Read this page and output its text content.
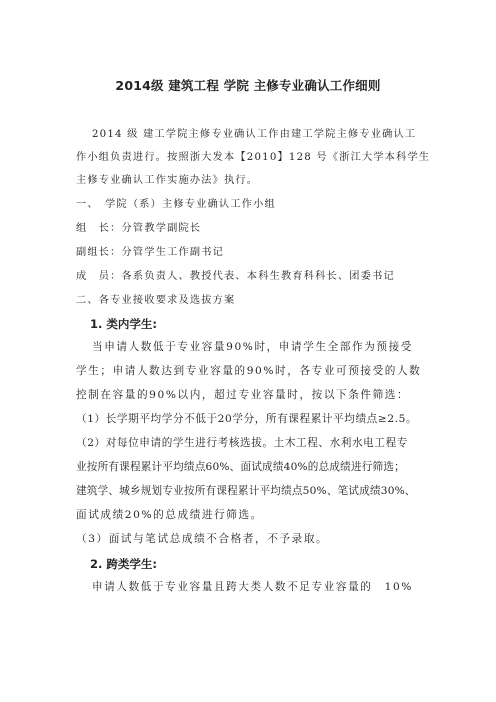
2014级 建筑工程 学院 主修专业确认工作细则
2014 级 建工学院主修专业确认工作由建工学院主修专业确认工
作小组负责进行。按照浙大发本【2010】128 号《浙江大学本科学生
主修专业确认工作实施办法》执行。
一、　学院（系）主修专业确认工作小组
组　长：分管教学副院长
副组长：分管学生工作副书记
成　员：各系负责人、教授代表、本科生教育科科长、团委书记
二、各专业接收要求及选拔方案
1. 类内学生:
当申请人数低于专业容量90%时，申请学生全部作为预接受
学生；申请人数达到专业容量的90%时，各专业可预接受的人数
控制在容量的90%以内，超过专业容量时，按以下条件筛选：
（1）长学期平均学分不低于20学分，所有课程累计平均绩点≥2.5。
（2）对每位申请的学生进行考核选拔。土木工程、水利水电工程专
业按所有课程累计平均绩点60%、面试成绩40%的总成绩进行筛选；
建筑学、城乡规划专业按所有课程累计平均绩点50%、笔试成绩30%、
面试成绩20%的总成绩进行筛选。
（3）面试与笔试总成绩不合格者，不予录取。
2. 跨类学生:
申请人数低于专业容量且跨大类人数不足专业容量的　10%
